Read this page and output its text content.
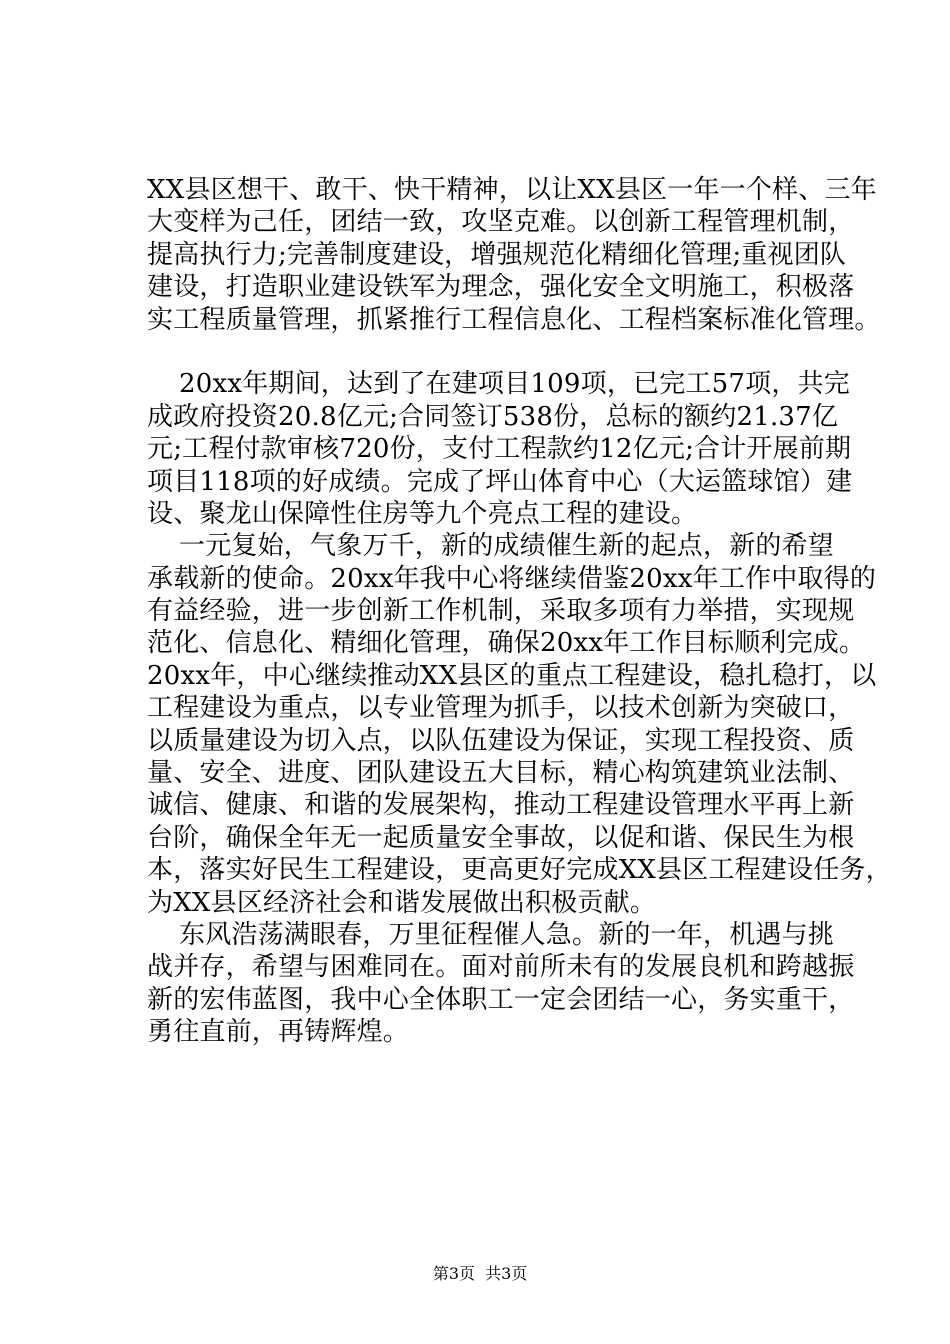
XX县区想干、敢干、快干精神，以让XX县区一年一个样、三年
大变样为己任，团结一致，攻坚克难。以创新工程管理机制，
提高执行力;完善制度建设，增强规范化精细化管理;重视团队
建设，打造职业建设铁军为理念，强化安全文明施工，积极落
实工程质量管理，抓紧推行工程信息化、工程档案标准化管理。
20xx年期间，达到了在建项目109项，已完工57项，共完
成政府投资20.8亿元;合同签订538份，总标的额约21.37亿
元;工程付款审核720份，支付工程款约12亿元;合计开展前期
项目118项的好成绩。完成了坪山体育中心（大运篮球馆）建
设、聚龙山保障性住房等九个亮点工程的建设。
一元复始，气象万千，新的成绩催生新的起点，新的希望
承载新的使命。20xx年我中心将继续借鉴20xx年工作中取得的
有益经验，进一步创新工作机制，采取多项有力举措，实现规
范化、信息化、精细化管理，确保20xx年工作目标顺利完成。
20xx年，中心继续推动XX县区的重点工程建设，稳扎稳打，以
工程建设为重点，以专业管理为抓手，以技术创新为突破口，
以质量建设为切入点，以队伍建设为保证，实现工程投资、质
量、安全、进度、团队建设五大目标，精心构筑建筑业法制、
诚信、健康、和谐的发展架构，推动工程建设管理水平再上新
台阶，确保全年无一起质量安全事故，以促和谐、保民生为根
本，落实好民生工程建设，更高更好完成XX县区工程建设任务，
为XX县区经济社会和谐发展做出积极贡献。
东风浩荡满眼春，万里征程催人急。新的一年，机遇与挑
战并存，希望与困难同在。面对前所未有的发展良机和跨越振
新的宏伟蓝图，我中心全体职工一定会团结一心，务实重干，
勇往直前，再铸辉煌。

第3页  共3页
